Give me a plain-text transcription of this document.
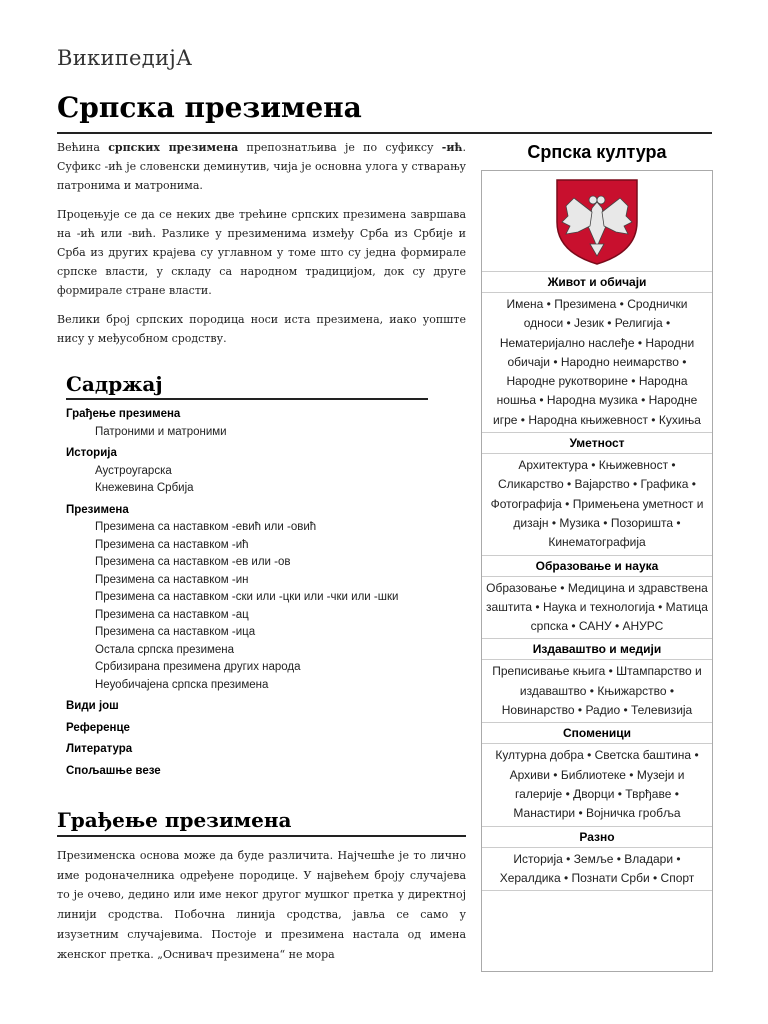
ВикипедијА
Српска презимена

Већина српских презимена препознатљива је по суфиксу -ић. Суфикс -ић је словенски деминутив, чија је основна улога у стварању патронима и матронима.

Процењује се да се неких две трећине српских презимена завршава на -ић или -вић. Разлике у презименима између Срба из Србије и Срба из других крајева су углавном у томе што су једна формирале српске власти, у складу са народном традицијом, док су друге формирале стране власти.

Велики број српских породица носи иста презимена, иако уопште нису у међусобном сродству.

Садржај
Грађење презимена
Патроними и матроними
Историја
Аустроугарска
Кнежевина Србија
Презимена
Презимена са наставком -евић или -овић
Презимена са наставком -ић
Презимена са наставком -ев или -ов
Презимена са наставком -ин
Презимена са наставком -ски или -цки или -чки или -шки
Презимена са наставком -ац
Презимена са наставком -ица
Остала српска презимена
Србизирана презимена других народа
Неуобичајена српска презимена
Види још
Референце
Литература
Спољашње везе
Грађење презимена
Презименска основа може да буде различита. Најчешће је то лично име родоначелника одређене породице. У највећем броју случајева то је очево, дедино или име неког другог мушког претка у директној линији сродства. Побочна линија сродства, јавља се само у изузетним случајевима. Постоје и презимена настала од имена женског претка. „Оснивач презимена“ не мора
Српска култура
Живот и обичаји
Имена • Презимена • Сроднички односи • Језик • Религија • Нематеријално наслеђе • Народни обичаји • Народно неимарство • Народне рукотворине • Народна ношња • Народна музика • Народне игре • Народна књижевност • Кухиња
Уметност
Архитектура • Књижевност • Сликарство • Вајарство • Графика • Фотографија • Примењена уметност и дизајн • Музика • Позоришта • Кинематографија
Образовање и наука
Образовање • Медицина и здравствена заштита • Наука и технологија • Матица српска • САНУ • АНУРС
Издаваштво и медији
Преписивање књига • Штампарство и издаваштво • Књижарство • Новинарство • Радио • Телевизија
Споменици
Културна добра • Светска баштина • Архиви • Библиотеке • Музеји и галерије • Дворци • Тврђаве • Манастири • Војничка гробља
Разно
Историја • Земље • Владари • Хералдика • Познати Срби • Спорт
